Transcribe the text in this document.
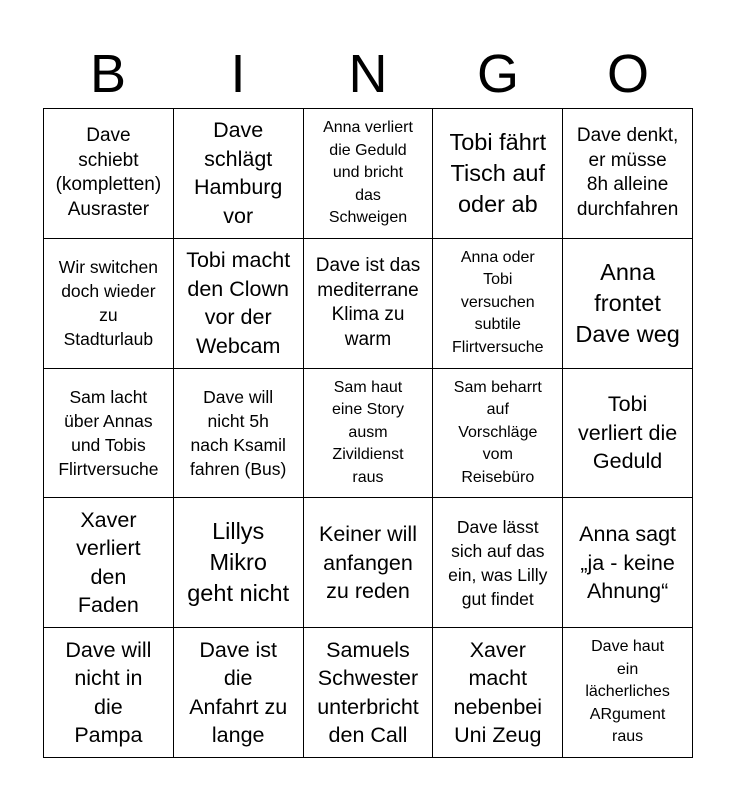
B	I	N	G	O
Dave
schiebt
(kompletten)
Ausraster
Dave
schlägt
Hamburg
vor
Anna verliert
die Geduld
und bricht
das
Schweigen
Tobi fährt
Tisch auf
oder ab
Dave denkt,
er müsse
8h alleine
durchfahren
Wir switchen
doch wieder
zu
Stadturlaub
Tobi macht
den Clown
vor der
Webcam
Dave ist das
mediterrane
Klima zu
warm
Anna oder
Tobi
versuchen
subtile
Flirtversuche
Anna
frontet
Dave weg
Sam lacht
über Annas
und Tobis
Flirtversuche
Dave will
nicht 5h
nach Ksamil
fahren (Bus)
Sam haut
eine Story
ausm
Zivildienst
raus
Sam beharrt
auf
Vorschläge
vom
Reisebüro
Tobi
verliert die
Geduld
Xaver
verliert
den
Faden
Lillys
Mikro
geht nicht
Keiner will
anfangen
zu reden
Dave lässt
sich auf das
ein, was Lilly
gut findet
Anna sagt
„ja - keine
Ahnung“
Dave will
nicht in
die
Pampa
Dave ist
die
Anfahrt zu
lange
Samuels
Schwester
unterbricht
den Call
Xaver
macht
nebenbei
Uni Zeug
Dave haut
ein
lächerliches
ARgument
raus
